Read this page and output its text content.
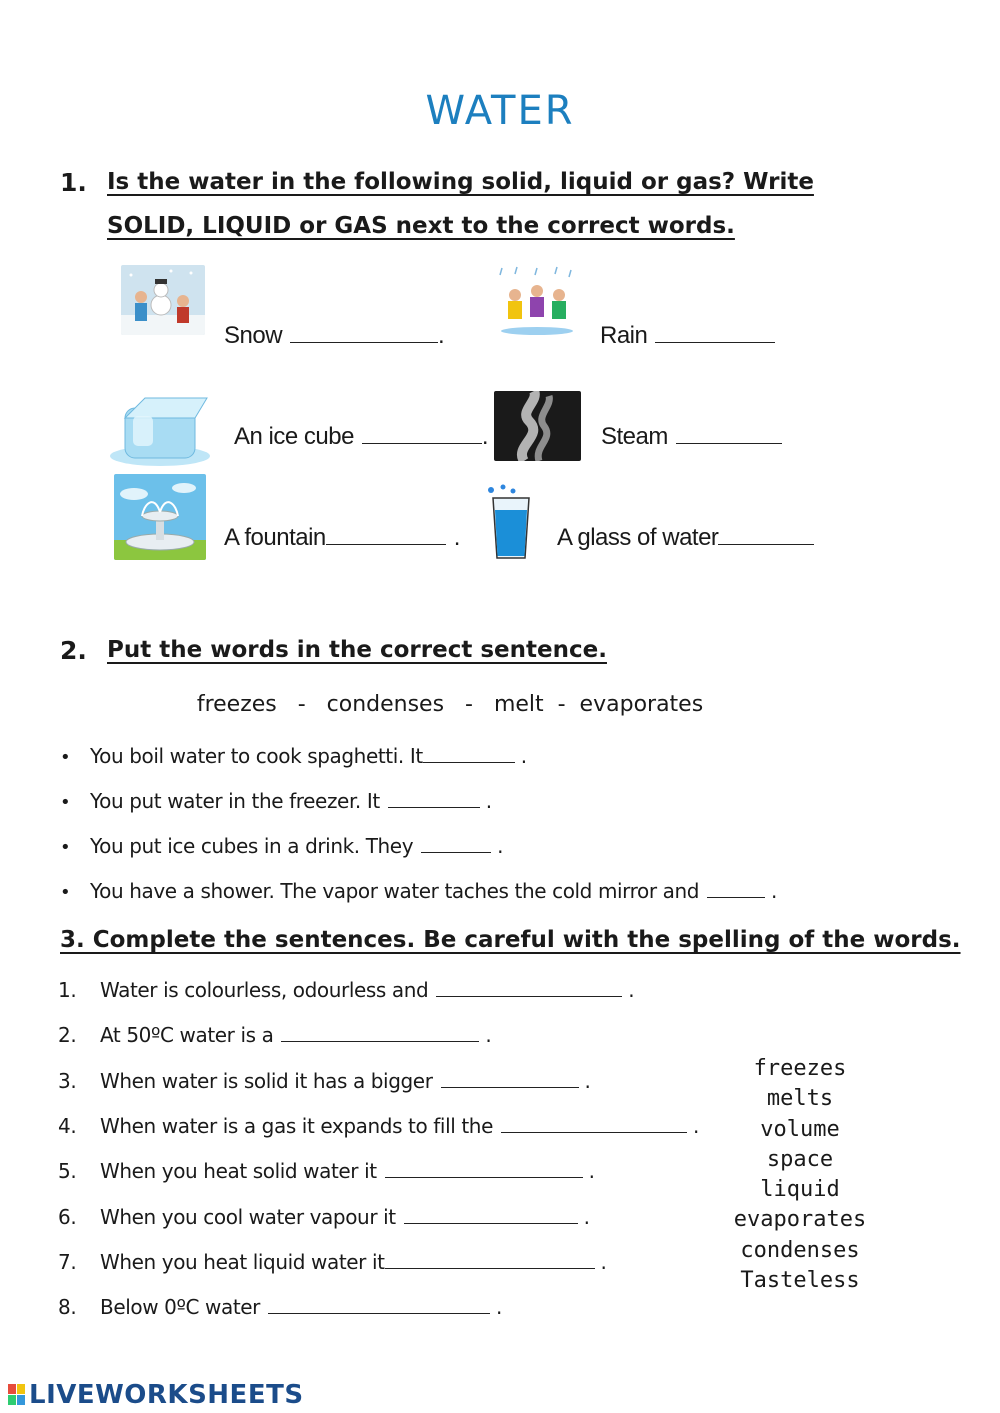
WATER
1. Is the water in the following solid, liquid or gas? Write SOLID, LIQUID or GAS next to the correct words.
Snow	.	Rain
An ice cube	.	Steam
A fountain	.	A glass of water
2. Put the words in the correct sentence.
freezes   -   condenses   -   melt  -  evaporates
• You boil water to cook spaghetti. It	.
• You put water in the freezer. It	.
• You put ice cubes in a drink. They	.
• You have a shower. The vapor water taches the cold mirror and	.
3. Complete the sentences. Be careful with the spelling of the words.
1. Water is colourless, odourless and	.
2. At 50ºC water is a	.
3. When water is solid it has a bigger	.
4. When water is a gas it expands to fill the	.
5. When you heat solid water it	.
6. When you cool water vapour it	.
7. When you heat liquid water it	.
8. Below 0ºC water	.
freezes
melts
volume
space
liquid
evaporates
condenses
Tasteless
LIVEWORKSHEETS
